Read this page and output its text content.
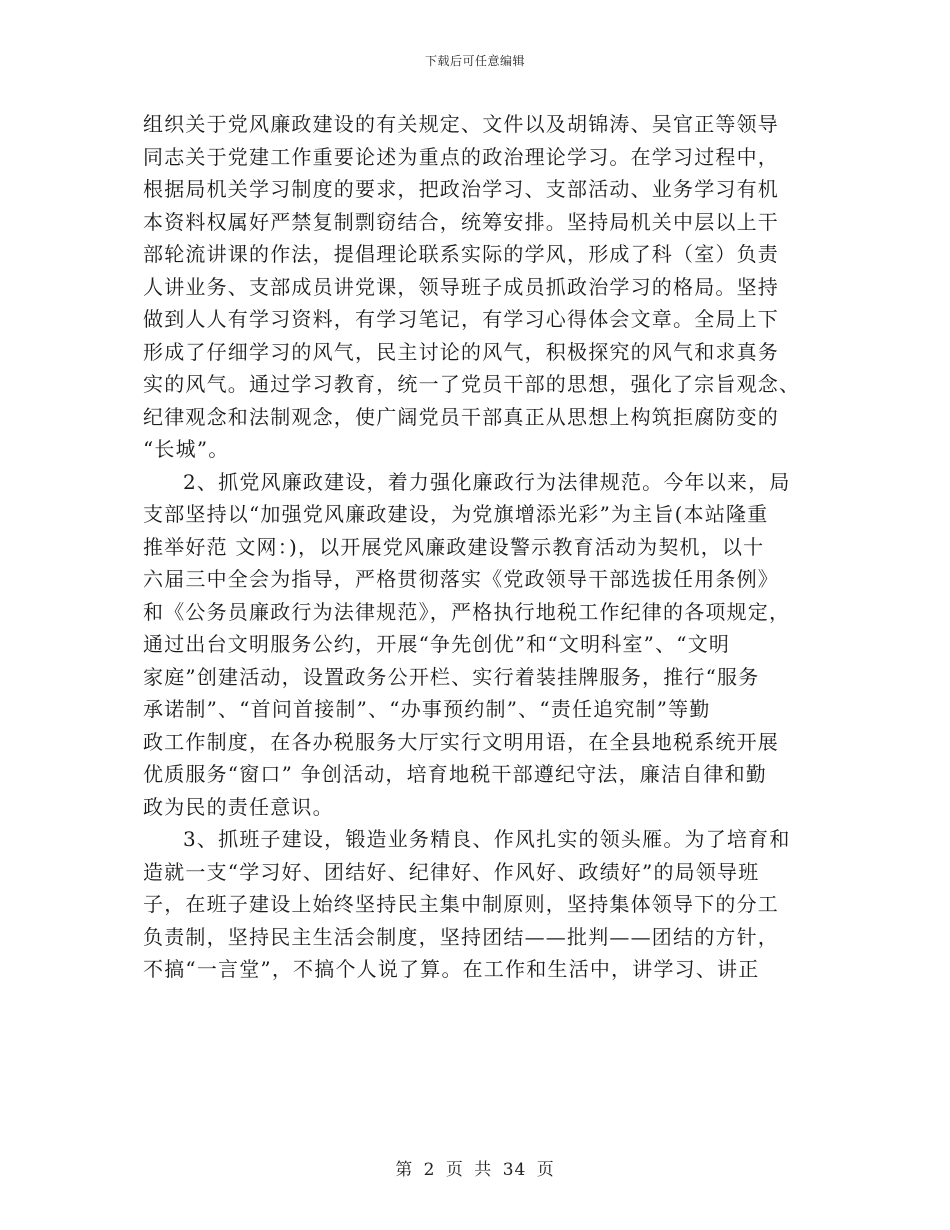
下载后可任意编辑
组织关于党风廉政建设的有关规定、文件以及胡锦涛、吴官正等领导
同志关于党建工作重要论述为重点的政治理论学习。在学习过程中，
根据局机关学习制度的要求，把政治学习、支部活动、业务学习有机
本资料权属好严禁复制剽窃结合，统筹安排。坚持局机关中层以上干
部轮流讲课的作法，提倡理论联系实际的学风，形成了科（室）负责
人讲业务、支部成员讲党课，领导班子成员抓政治学习的格局。坚持
做到人人有学习资料，有学习笔记，有学习心得体会文章。全局上下
形成了仔细学习的风气，民主讨论的风气，积极探究的风气和求真务
实的风气。通过学习教育，统一了党员干部的思想，强化了宗旨观念、
纪律观念和法制观念，使广阔党员干部真正从思想上构筑拒腐防变的
“长城”。
2、抓党风廉政建设，着力强化廉政行为法律规范。今年以来，局
支部坚持以“加强党风廉政建设，为党旗增添光彩”为主旨(本站隆重
推举好范 文网：)，以开展党风廉政建设警示教育活动为契机，以十
六届三中全会为指导，严格贯彻落实《党政领导干部选拔任用条例》
和《公务员廉政行为法律规范》，严格执行地税工作纪律的各项规定，
通过出台文明服务公约，开展“争先创优”和“文明科室”、“文明
家庭”创建活动，设置政务公开栏、实行着装挂牌服务，推行“服务
承诺制”、“首问首接制”、“办事预约制”、“责任追究制”等勤
政工作制度，在各办税服务大厅实行文明用语，在全县地税系统开展
优质服务“窗口” 争创活动，培育地税干部遵纪守法，廉洁自律和勤
政为民的责任意识。
3、抓班子建设，锻造业务精良、作风扎实的领头雁。为了培育和
造就一支“学习好、团结好、纪律好、作风好、政绩好”的局领导班
子，在班子建设上始终坚持民主集中制原则，坚持集体领导下的分工
负责制，坚持民主生活会制度，坚持团结——批判——团结的方针，
不搞“一言堂”，不搞个人说了算。在工作和生活中，讲学习、讲正
第 2 页 共 34 页
